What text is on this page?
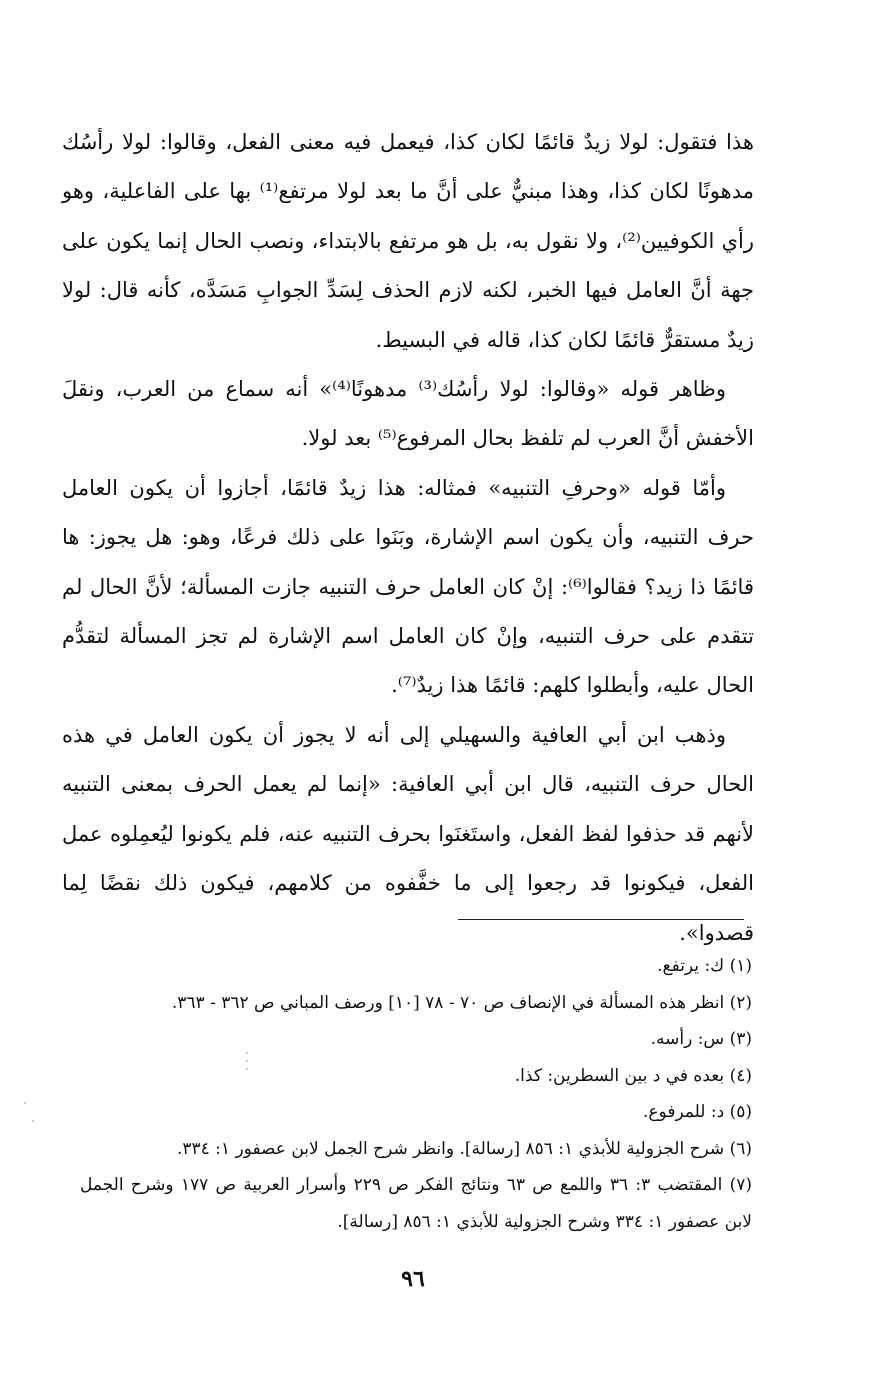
هذا فتقول: لولا زيدٌ قائمًا لكان كذا، فيعمل فيه معنى الفعل، وقالوا: لولا رأسُك مدهونًا لكان كذا، وهذا مبنيٌّ على أنَّ ما بعد لولا مرتفع⁽¹⁾ بها على الفاعلية، وهو رأي الكوفيين⁽²⁾، ولا نقول به، بل هو مرتفع بالابتداء، ونصب الحال إنما يكون على جهة أنَّ العامل فيها الخبر، لكنه لازم الحذف لِسَدِّ الجوابِ مَسَدَّه، كأنه قال: لولا زيدٌ مستقرٌّ قائمًا لكان كذا، قاله في البسيط.

وظاهر قوله «وقالوا: لولا رأسُك⁽³⁾ مدهونًا⁽⁴⁾» أنه سماع من العرب، ونقلَ الأخفش أنَّ العرب لم تلفظ بحال المرفوع⁽⁵⁾ بعد لولا.

وأمّا قوله «وحرفِ التنبيه» فمثاله: هذا زيدٌ قائمًا، أجازوا أن يكون العامل حرف التنبيه، وأن يكون اسم الإشارة، وبَنَوا على ذلك فرعًا، وهو: هل يجوز: ها قائمًا ذا زيد؟ فقالوا⁽⁶⁾: إنْ كان العامل حرف التنبيه جازت المسألة؛ لأنَّ الحال لم تتقدم على حرف التنبيه، وإنْ كان العامل اسم الإشارة لم تجز المسألة لتقدُّم الحال عليه، وأبطلوا كلهم: قائمًا هذا زيدٌ⁽⁷⁾.

وذهب ابن أبي العافية والسهيلي إلى أنه لا يجوز أن يكون العامل في هذه الحال حرف التنبيه، قال ابن أبي العافية: «إنما لم يعمل الحرف بمعنى التنبيه لأنهم قد حذفوا لفظ الفعل، واستَغنَوا بحرف التنبيه عنه، فلم يكونوا ليُعمِلوه عمل الفعل، فيكونوا قد رجعوا إلى ما خفَّفوه من كلامهم، فيكون ذلك نقضًا لِما قصدوا».

(١) ك: يرتفع.

(٢) انظر هذه المسألة في الإنصاف ص ٧٠ - ٧٨ [١٠] ورصف المباني ص ٣٦٢ - ٣٦٣.

(٣) س: رأسه.

(٤) بعده في د بين السطرين: كذا.

(٥) د: للمرفوع.

(٦) شرح الجزولية للأبذي ١: ٨٥٦ [رسالة]. وانظر شرح الجمل لابن عصفور ١: ٣٣٤.

(٧) المقتضب ٣: ٣٦ واللمع ص ٦٣ ونتائج الفكر ص ٢٢٩ وأسرار العربية ص ١٧٧ وشرح الجمل لابن عصفور ١: ٣٣٤ وشرح الجزولية للأبذي ١: ٨٥٦ [رسالة].

٩٦
